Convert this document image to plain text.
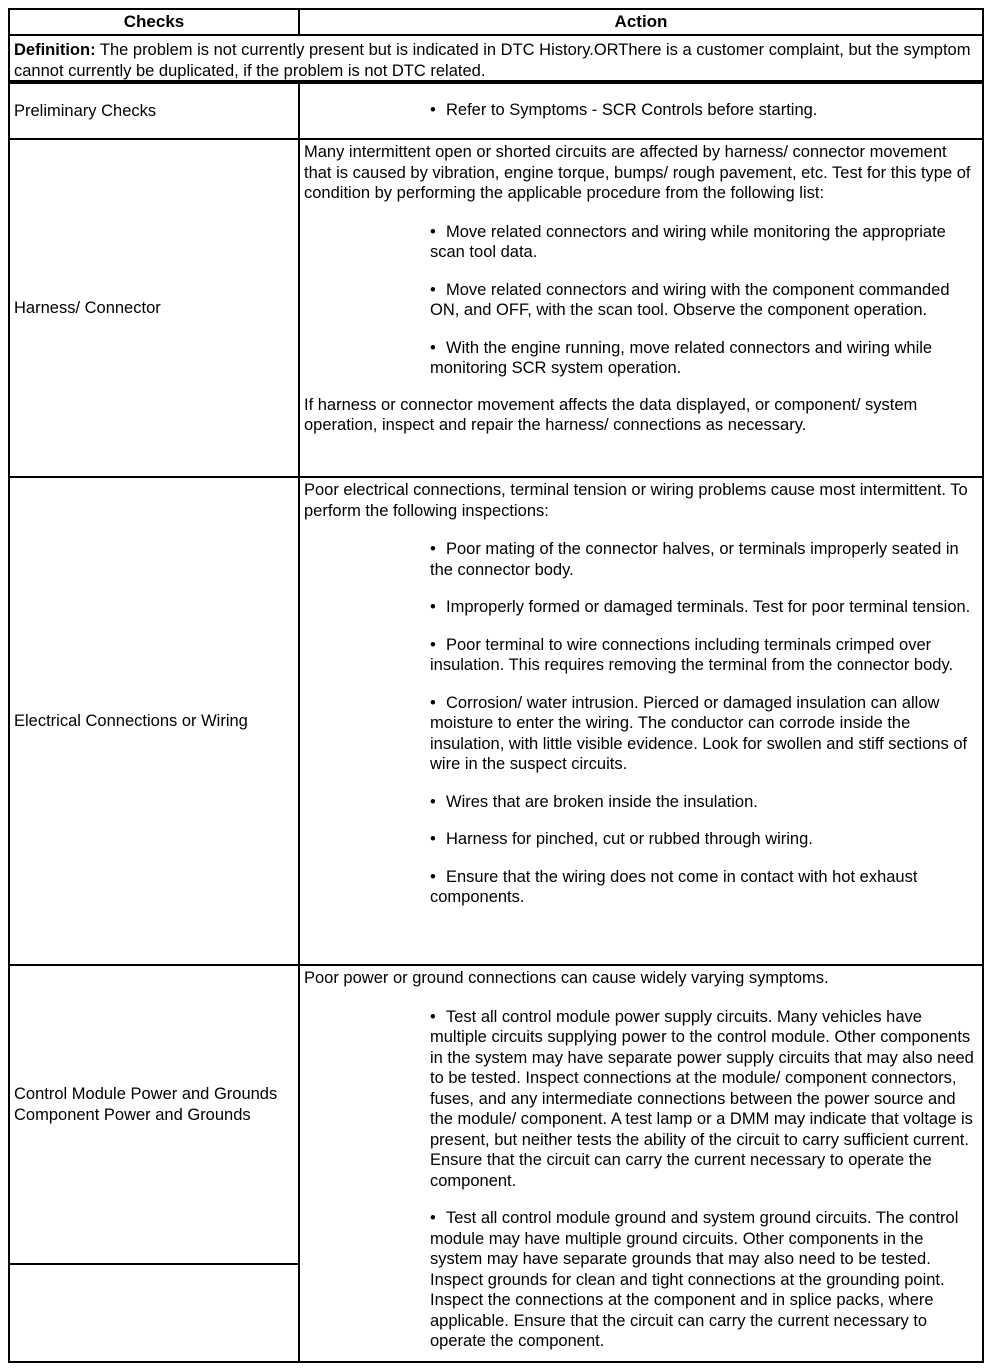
Checks	Action
Definition: The problem is not currently present but is indicated in DTC History.ORThere is a customer complaint, but the symptom cannot currently be duplicated, if the problem is not DTC related.
Preliminary Checks	• Refer to Symptoms - SCR Controls before starting.
Harness/ Connector

Many intermittent open or shorted circuits are affected by harness/ connector movement that is caused by vibration, engine torque, bumps/ rough pavement, etc. Test for this type of condition by performing the applicable procedure from the following list:

• Move related connectors and wiring while monitoring the appropriate scan tool data.
• Move related connectors and wiring with the component commanded ON, and OFF, with the scan tool. Observe the component operation.
• With the engine running, move related connectors and wiring while monitoring SCR system operation.

If harness or connector movement affects the data displayed, or component/ system operation, inspect and repair the harness/ connections as necessary.

Electrical Connections or Wiring

Poor electrical connections, terminal tension or wiring problems cause most intermittent. To perform the following inspections:

• Poor mating of the connector halves, or terminals improperly seated in the connector body.
• Improperly formed or damaged terminals. Test for poor terminal tension.
• Poor terminal to wire connections including terminals crimped over insulation. This requires removing the terminal from the connector body.
• Corrosion/ water intrusion. Pierced or damaged insulation can allow moisture to enter the wiring. The conductor can corrode inside the insulation, with little visible evidence. Look for swollen and stiff sections of wire in the suspect circuits.
• Wires that are broken inside the insulation.
• Harness for pinched, cut or rubbed through wiring.
• Ensure that the wiring does not come in contact with hot exhaust components.
Control Module Power and Grounds Component Power and Grounds

Poor power or ground connections can cause widely varying symptoms.

• Test all control module power supply circuits. Many vehicles have multiple circuits supplying power to the control module. Other components in the system may have separate power supply circuits that may also need to be tested. Inspect connections at the module/ component connectors, fuses, and any intermediate connections between the power source and the module/ component. A test lamp or a DMM may indicate that voltage is present, but neither tests the ability of the circuit to carry sufficient current. Ensure that the circuit can carry the current necessary to operate the component.
• Test all control module ground and system ground circuits. The control module may have multiple ground circuits. Other components in the system may have separate grounds that may also need to be tested. Inspect grounds for clean and tight connections at the grounding point. Inspect the connections at the component and in splice packs, where applicable. Ensure that the circuit can carry the current necessary to operate the component.
